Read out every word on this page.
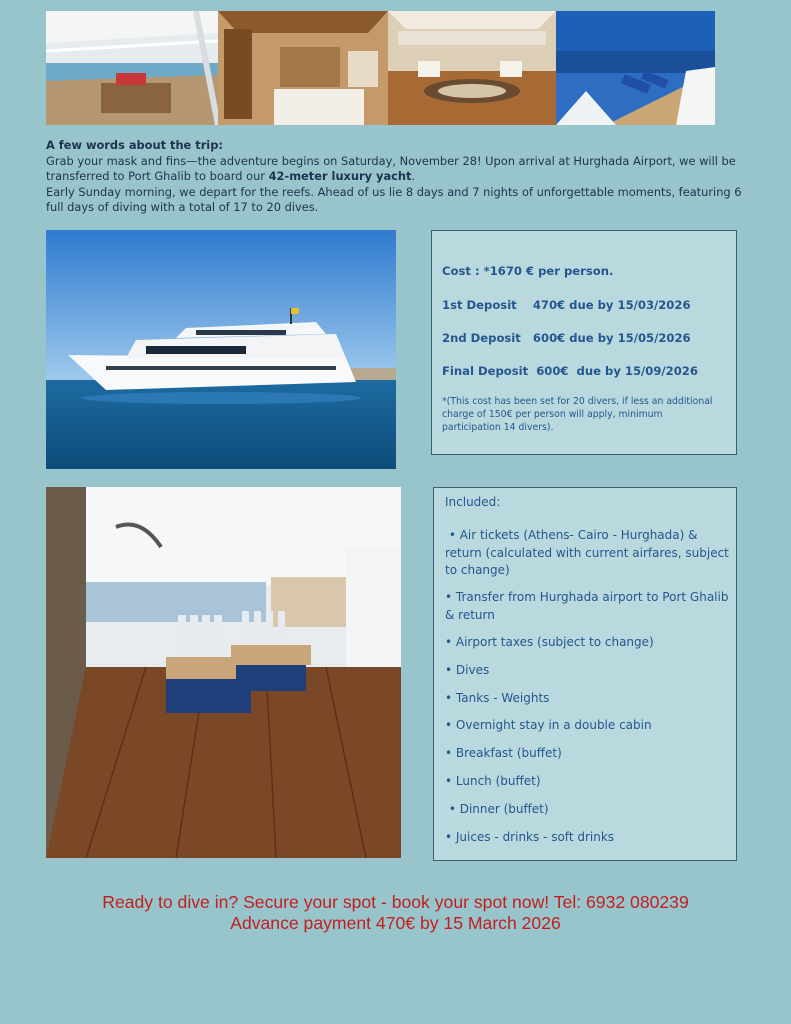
A few words about the trip:

Grab your mask and fins—the adventure begins on Saturday, November 28! Upon arrival at Hurghada Airport, we will be transferred to Port Ghalib to board our 42-meter luxury yacht.

Early Sunday morning, we depart for the reefs. Ahead of us lie 8 days and 7 nights of unforgettable moments, featuring 6 full days of diving with a total of 17 to 20 dives.

Cost : *1670 € per person.
1st Deposit    470€ due by 15/03/2026
2nd Deposit   600€ due by 15/05/2026
Final Deposit  600€  due by 15/09/2026
*(This cost has been set for 20 divers, if less an additional charge of 150€ per person will apply, minimum participation 14 divers).
Included:
• Air tickets (Athens- Cairo - Hurghada) & return (calculated with current airfares, subject to change)
• Transfer from Hurghada airport to Port Ghalib & return
• Airport taxes (subject to change)
• Dives
• Tanks - Weights
• Overnight stay in a double cabin
• Breakfast (buffet)
• Lunch (buffet)
• Dinner (buffet)
• Juices - drinks - soft drinks
Ready to dive in? Secure your spot - book your spot now! Tel: 6932 080239
Advance payment 470€ by 15 March 2026
